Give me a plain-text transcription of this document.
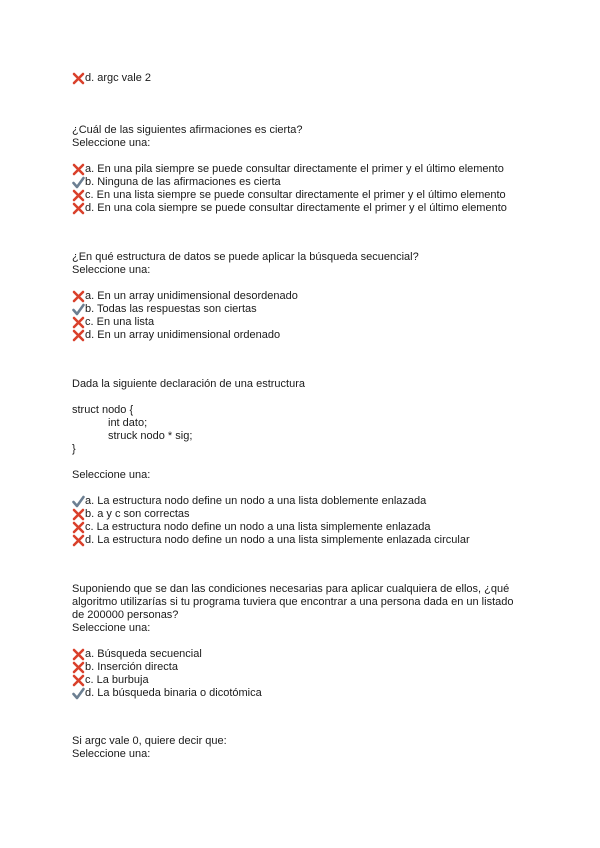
d. argc vale 2
¿Cuál de las siguientes afirmaciones es cierta?
Seleccione una:
a. En una pila siempre se puede consultar directamente el primer y el último elemento
b. Ninguna de las afirmaciones es cierta
c. En una lista siempre se puede consultar directamente el primer y el último elemento
d. En una cola siempre se puede consultar directamente el primer y el último elemento
¿En qué estructura de datos se puede aplicar la búsqueda secuencial?
Seleccione una:
a. En un array unidimensional desordenado
b. Todas las respuestas son ciertas
c. En una lista
d. En un array unidimensional ordenado
Dada la siguiente declaración de una estructura
struct nodo {
int dato;
struck nodo * sig;
}
Seleccione una:
a. La estructura nodo define un nodo a una lista doblemente enlazada
b. a y c son correctas
c. La estructura nodo define un nodo a una lista simplemente enlazada
d. La estructura nodo define un nodo a una lista simplemente enlazada circular
Suponiendo que se dan las condiciones necesarias para aplicar cualquiera de ellos, ¿qué
algoritmo utilizarías si tu programa tuviera que encontrar a una persona dada en un listado
de 200000 personas?
Seleccione una:
a. Búsqueda secuencial
b. Inserción directa
c. La burbuja
d. La búsqueda binaria o dicotómica
Si argc vale 0, quiere decir que:
Seleccione una:
